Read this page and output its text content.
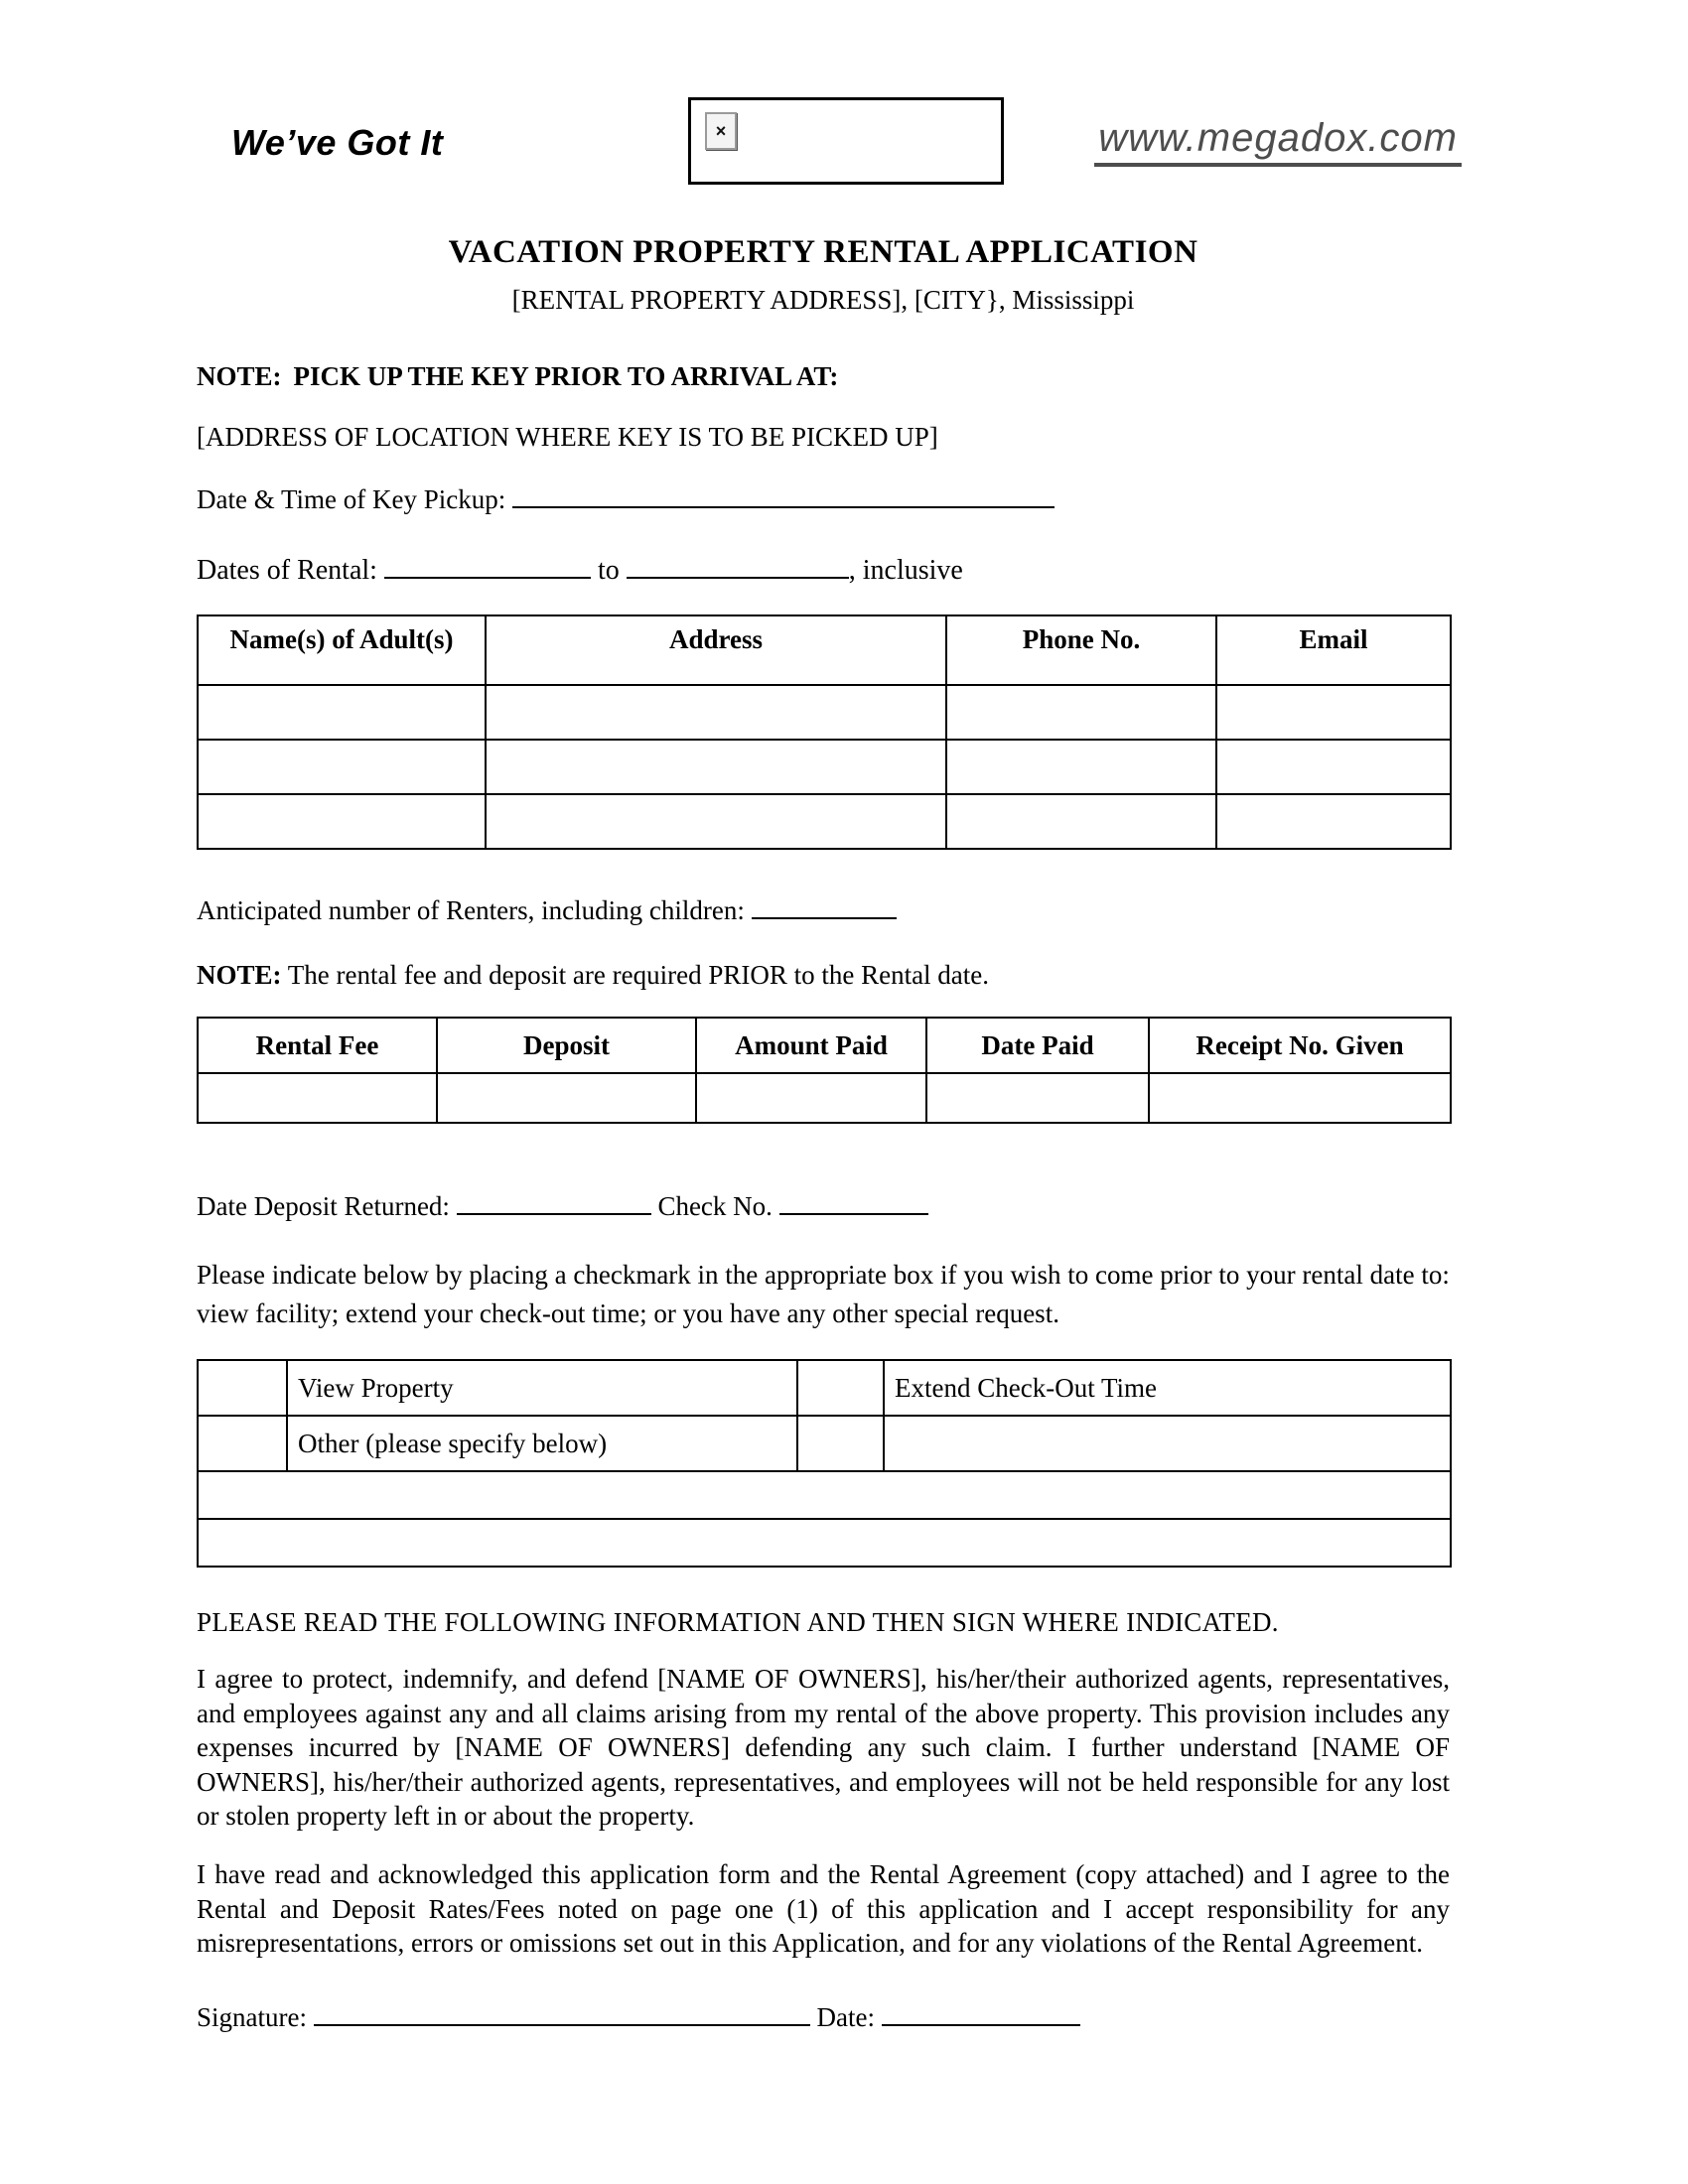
We’ve Got It	×	www.megadox.com
VACATION PROPERTY RENTAL APPLICATION
[RENTAL PROPERTY ADDRESS], [CITY}, Mississippi
NOTE: PICK UP THE KEY PRIOR TO ARRIVAL AT:
[ADDRESS OF LOCATION WHERE KEY IS TO BE PICKED UP]
Date & Time of Key Pickup:
Dates of Rental:	to	, inclusive
Name(s) of Adult(s)	Address	Phone No.	Email

Anticipated number of Renters, including children:
NOTE: The rental fee and deposit are required PRIOR to the Rental date.
Rental Fee	Deposit	Amount Paid	Date Paid	Receipt No. Given

Date Deposit Returned:	Check No.
Please indicate below by placing a checkmark in the appropriate box if you wish to come prior to your rental date to: view facility; extend your check-out time; or you have any other special request.
	View Property		Extend Check-Out Time
	Other (please specify below)		

PLEASE READ THE FOLLOWING INFORMATION AND THEN SIGN WHERE INDICATED.
I agree to protect, indemnify, and defend [NAME OF OWNERS], his/her/their authorized agents, representatives, and employees against any and all claims arising from my rental of the above property. This provision includes any expenses incurred by [NAME OF OWNERS] defending any such claim. I further understand [NAME OF OWNERS], his/her/their authorized agents, representatives, and employees will not be held responsible for any lost or stolen property left in or about the property.
I have read and acknowledged this application form and the Rental Agreement (copy attached) and I agree to the Rental and Deposit Rates/Fees noted on page one (1) of this application and I accept responsibility for any misrepresentations, errors or omissions set out in this Application, and for any violations of the Rental Agreement.
Signature:	Date:
